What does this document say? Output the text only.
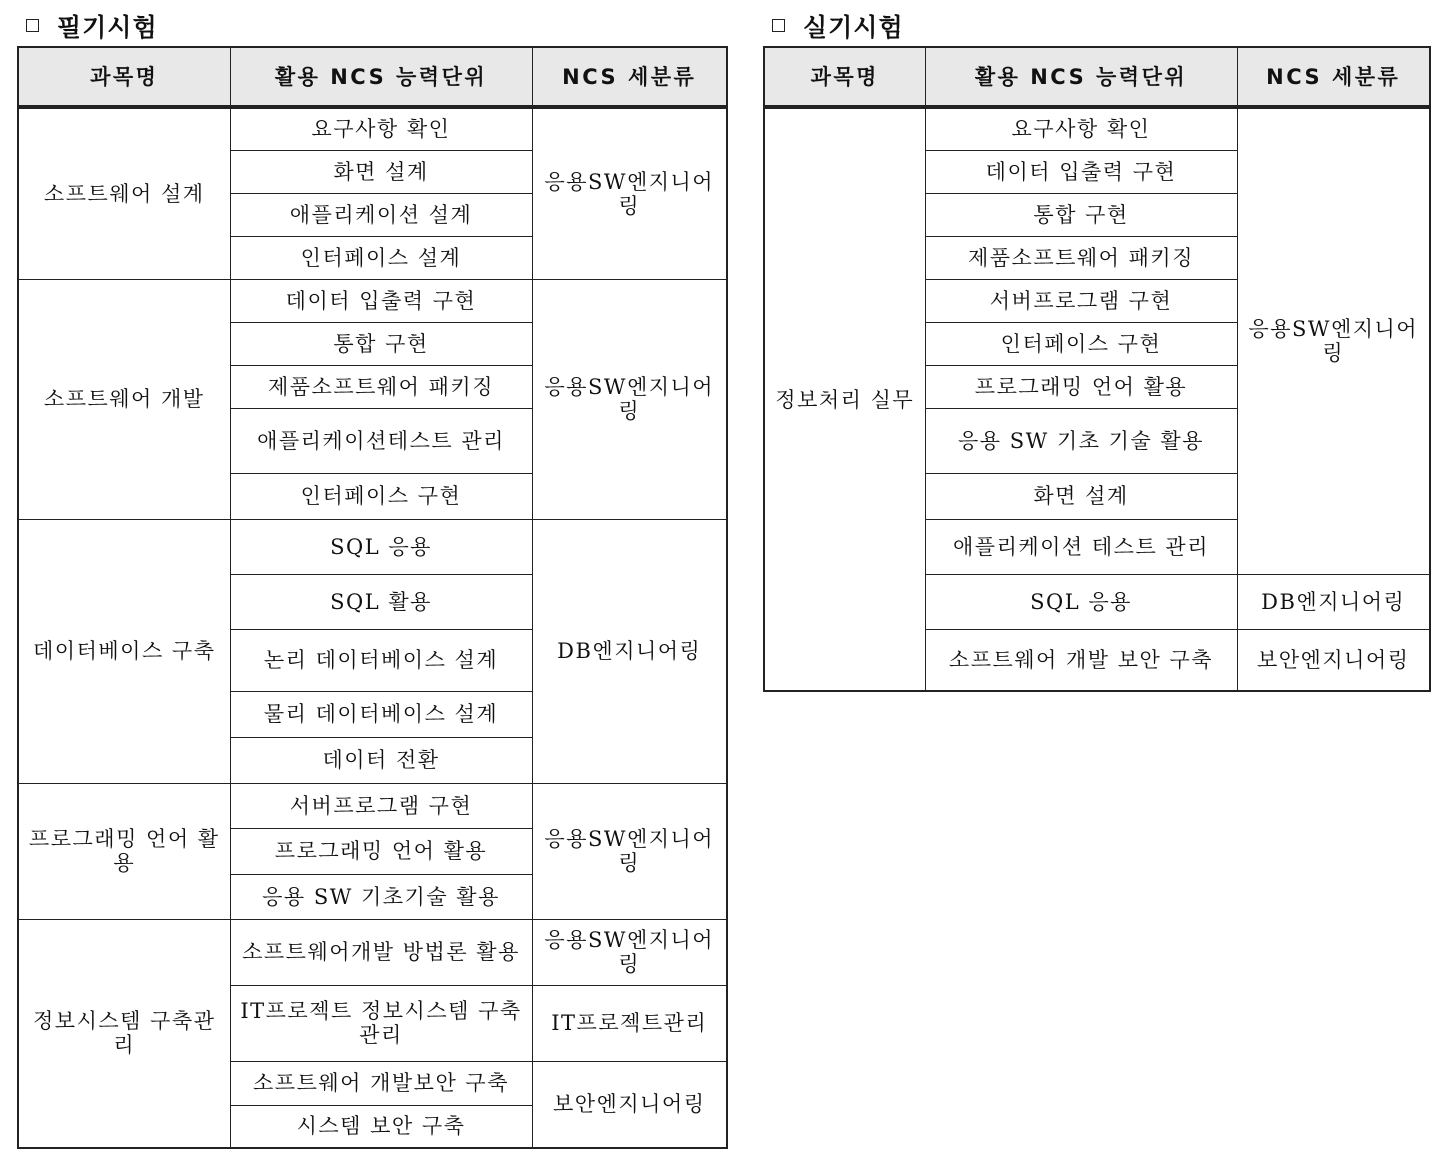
필기시험	실기시험
과목명	활용 NCS 능력단위	NCS 세분류
소프트웨어 설계	요구사항 확인	응용SW엔지니어링
	화면 설계	
	애플리케이션 설계	
	인터페이스 설계	
소프트웨어 개발	데이터 입출력 구현	응용SW엔지니어링
	통합 구현	
	제품소프트웨어 패키징	
	애플리케이션테스트 관리	
	인터페이스 구현	
데이터베이스 구축	SQL 응용	DB엔지니어링
	SQL 활용	
	논리 데이터베이스 설계	
	물리 데이터베이스 설계	
	데이터 전환	
프로그래밍 언어 활용	서버프로그램 구현	응용SW엔지니어링
	프로그래밍 언어 활용	
	응용 SW 기초기술 활용	
정보시스템 구축관리	소프트웨어개발 방법론 활용	응용SW엔지니어링
	IT프로젝트 정보시스템 구축관리	IT프로젝트관리
	소프트웨어 개발보안 구축	보안엔지니어링
	시스템 보안 구축	
과목명	활용 NCS 능력단위	NCS 세분류
정보처리 실무	요구사항 확인	응용SW엔지니어링
	데이터 입출력 구현	
	통합 구현	
	제품소프트웨어 패키징	
	서버프로그램 구현	
	인터페이스 구현	
	프로그래밍 언어 활용	
	응용 SW 기초 기술 활용	
	화면 설계	
	애플리케이션 테스트 관리	
	SQL 응용	DB엔지니어링
	소프트웨어 개발 보안 구축	보안엔지니어링
